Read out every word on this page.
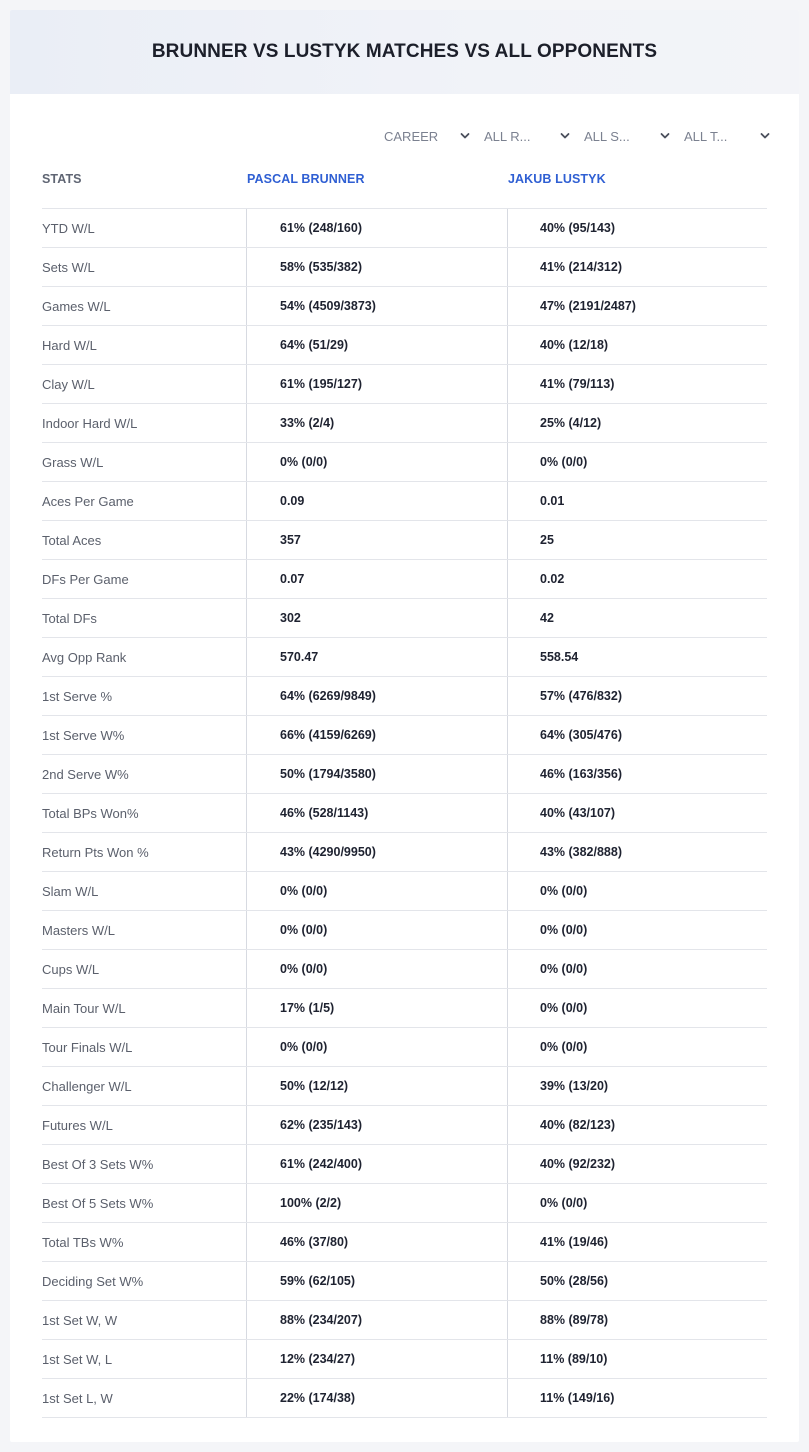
BRUNNER VS LUSTYK MATCHES VS ALL OPPONENTS
CAREER	ALL R...	ALL S...	ALL T...
STATS	PASCAL BRUNNER	JAKUB LUSTYK
YTD W/L	61% (248/160)	40% (95/143)
Sets W/L	58% (535/382)	41% (214/312)
Games W/L	54% (4509/3873)	47% (2191/2487)
Hard W/L	64% (51/29)	40% (12/18)
Clay W/L	61% (195/127)	41% (79/113)
Indoor Hard W/L	33% (2/4)	25% (4/12)
Grass W/L	0% (0/0)	0% (0/0)
Aces Per Game	0.09	0.01
Total Aces	357	25
DFs Per Game	0.07	0.02
Total DFs	302	42
Avg Opp Rank	570.47	558.54
1st Serve %	64% (6269/9849)	57% (476/832)
1st Serve W%	66% (4159/6269)	64% (305/476)
2nd Serve W%	50% (1794/3580)	46% (163/356)
Total BPs Won%	46% (528/1143)	40% (43/107)
Return Pts Won %	43% (4290/9950)	43% (382/888)
Slam W/L	0% (0/0)	0% (0/0)
Masters W/L	0% (0/0)	0% (0/0)
Cups W/L	0% (0/0)	0% (0/0)
Main Tour W/L	17% (1/5)	0% (0/0)
Tour Finals W/L	0% (0/0)	0% (0/0)
Challenger W/L	50% (12/12)	39% (13/20)
Futures W/L	62% (235/143)	40% (82/123)
Best Of 3 Sets W%	61% (242/400)	40% (92/232)
Best Of 5 Sets W%	100% (2/2)	0% (0/0)
Total TBs W%	46% (37/80)	41% (19/46)
Deciding Set W%	59% (62/105)	50% (28/56)
1st Set W, W	88% (234/207)	88% (89/78)
1st Set W, L	12% (234/27)	11% (89/10)
1st Set L, W	22% (174/38)	11% (149/16)
